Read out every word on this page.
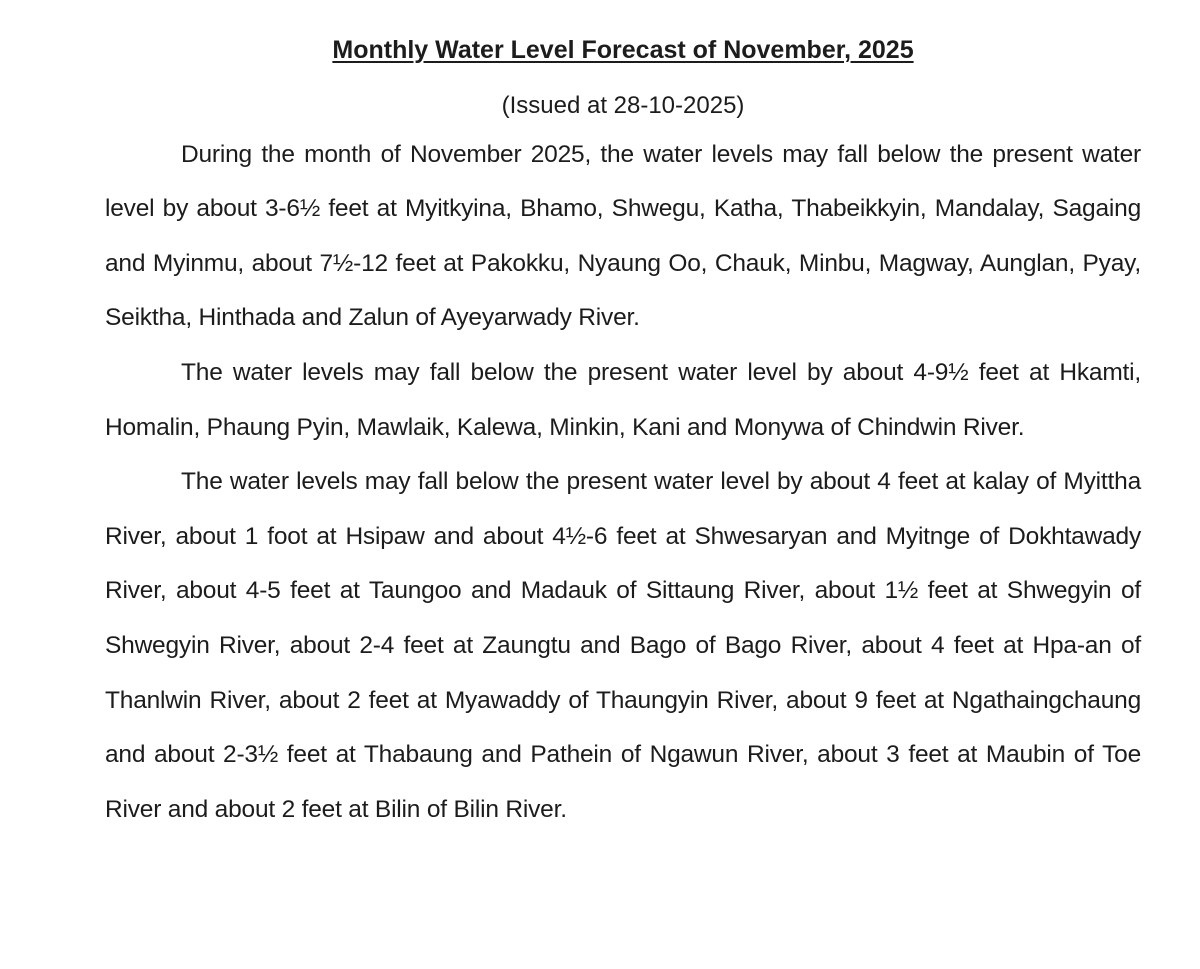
Monthly Water Level Forecast of November, 2025
(Issued at 28-10-2025)

During the month of November 2025, the water levels may fall below the present water level by about 3-6½ feet at Myitkyina, Bhamo, Shwegu, Katha, Thabeikkyin, Mandalay, Sagaing and Myinmu, about 7½-12 feet at Pakokku, Nyaung Oo, Chauk, Minbu, Magway, Aunglan, Pyay, Seiktha, Hinthada and Zalun of Ayeyarwady River.

The water levels may fall below the present water level by about 4-9½ feet at Hkamti, Homalin, Phaung Pyin, Mawlaik, Kalewa, Minkin, Kani and Monywa of Chindwin River.

The water levels may fall below the present water level by about 4 feet at kalay of Myittha River, about 1 foot at Hsipaw and about 4½-6 feet at Shwesaryan and Myitnge of Dokhtawady River, about 4-5 feet at Taungoo and Madauk of Sittaung River, about 1½ feet at Shwegyin of Shwegyin River, about 2-4 feet at Zaungtu and Bago of Bago River, about 4 feet at Hpa-an of Thanlwin River, about 2 feet at Myawaddy of Thaungyin River, about 9 feet at Ngathaingchaung and about 2-3½ feet at Thabaung and Pathein of Ngawun River, about 3 feet at Maubin of Toe River and about 2 feet at Bilin of Bilin River.
